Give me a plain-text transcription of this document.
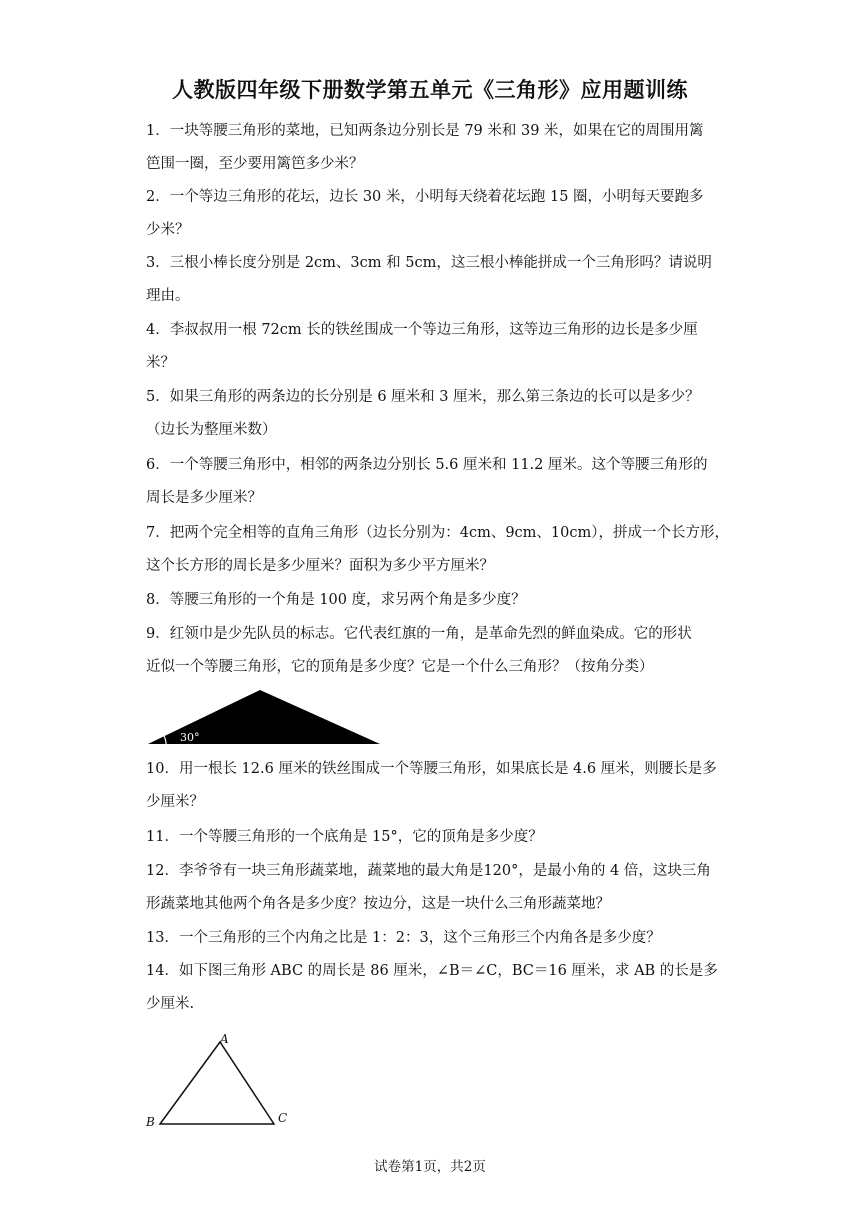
人教版四年级下册数学第五单元《三角形》应用题训练
1．一块等腰三角形的菜地，已知两条边分别长是 79 米和 39 米，如果在它的周围用篱
笆围一圈，至少要用篱笆多少米？
2．一个等边三角形的花坛，边长 30 米，小明每天绕着花坛跑 15 圈，小明每天要跑多
少米？
3．三根小棒长度分别是 2cm、3cm 和 5cm，这三根小棒能拼成一个三角形吗？请说明
理由。
4．李叔叔用一根 72cm 长的铁丝围成一个等边三角形，这等边三角形的边长是多少厘
米？
5．如果三角形的两条边的长分别是 6 厘米和 3 厘米，那么第三条边的长可以是多少？
（边长为整厘米数）
6．一个等腰三角形中，相邻的两条边分别长 5.6 厘米和 11.2 厘米。这个等腰三角形的
周长是多少厘米？
7．把两个完全相等的直角三角形（边长分别为：4cm、9cm、10cm），拼成一个长方形，
这个长方形的周长是多少厘米？面积为多少平方厘米？
8．等腰三角形的一个角是 100 度，求另两个角是多少度？
9．红领巾是少先队员的标志。它代表红旗的一角，是革命先烈的鲜血染成。它的形状
近似一个等腰三角形，它的顶角是多少度？它是一个什么三角形？（按角分类）
30°
10．用一根长 12.6 厘米的铁丝围成一个等腰三角形，如果底长是 4.6 厘米，则腰长是多
少厘米？
11．一个等腰三角形的一个底角是 15°，它的顶角是多少度？
12．李爷爷有一块三角形蔬菜地，蔬菜地的最大角是120°，是最小角的 4 倍，这块三角
形蔬菜地其他两个角各是多少度？按边分，这是一块什么三角形蔬菜地？
13．一个三角形的三个内角之比是 1：2：3，这个三角形三个内角各是多少度？
14．如下图三角形 ABC 的周长是 86 厘米，∠B＝∠C，BC＝16 厘米，求 AB 的长是多
少厘米.
A
B	C
试卷第1页，共2页
